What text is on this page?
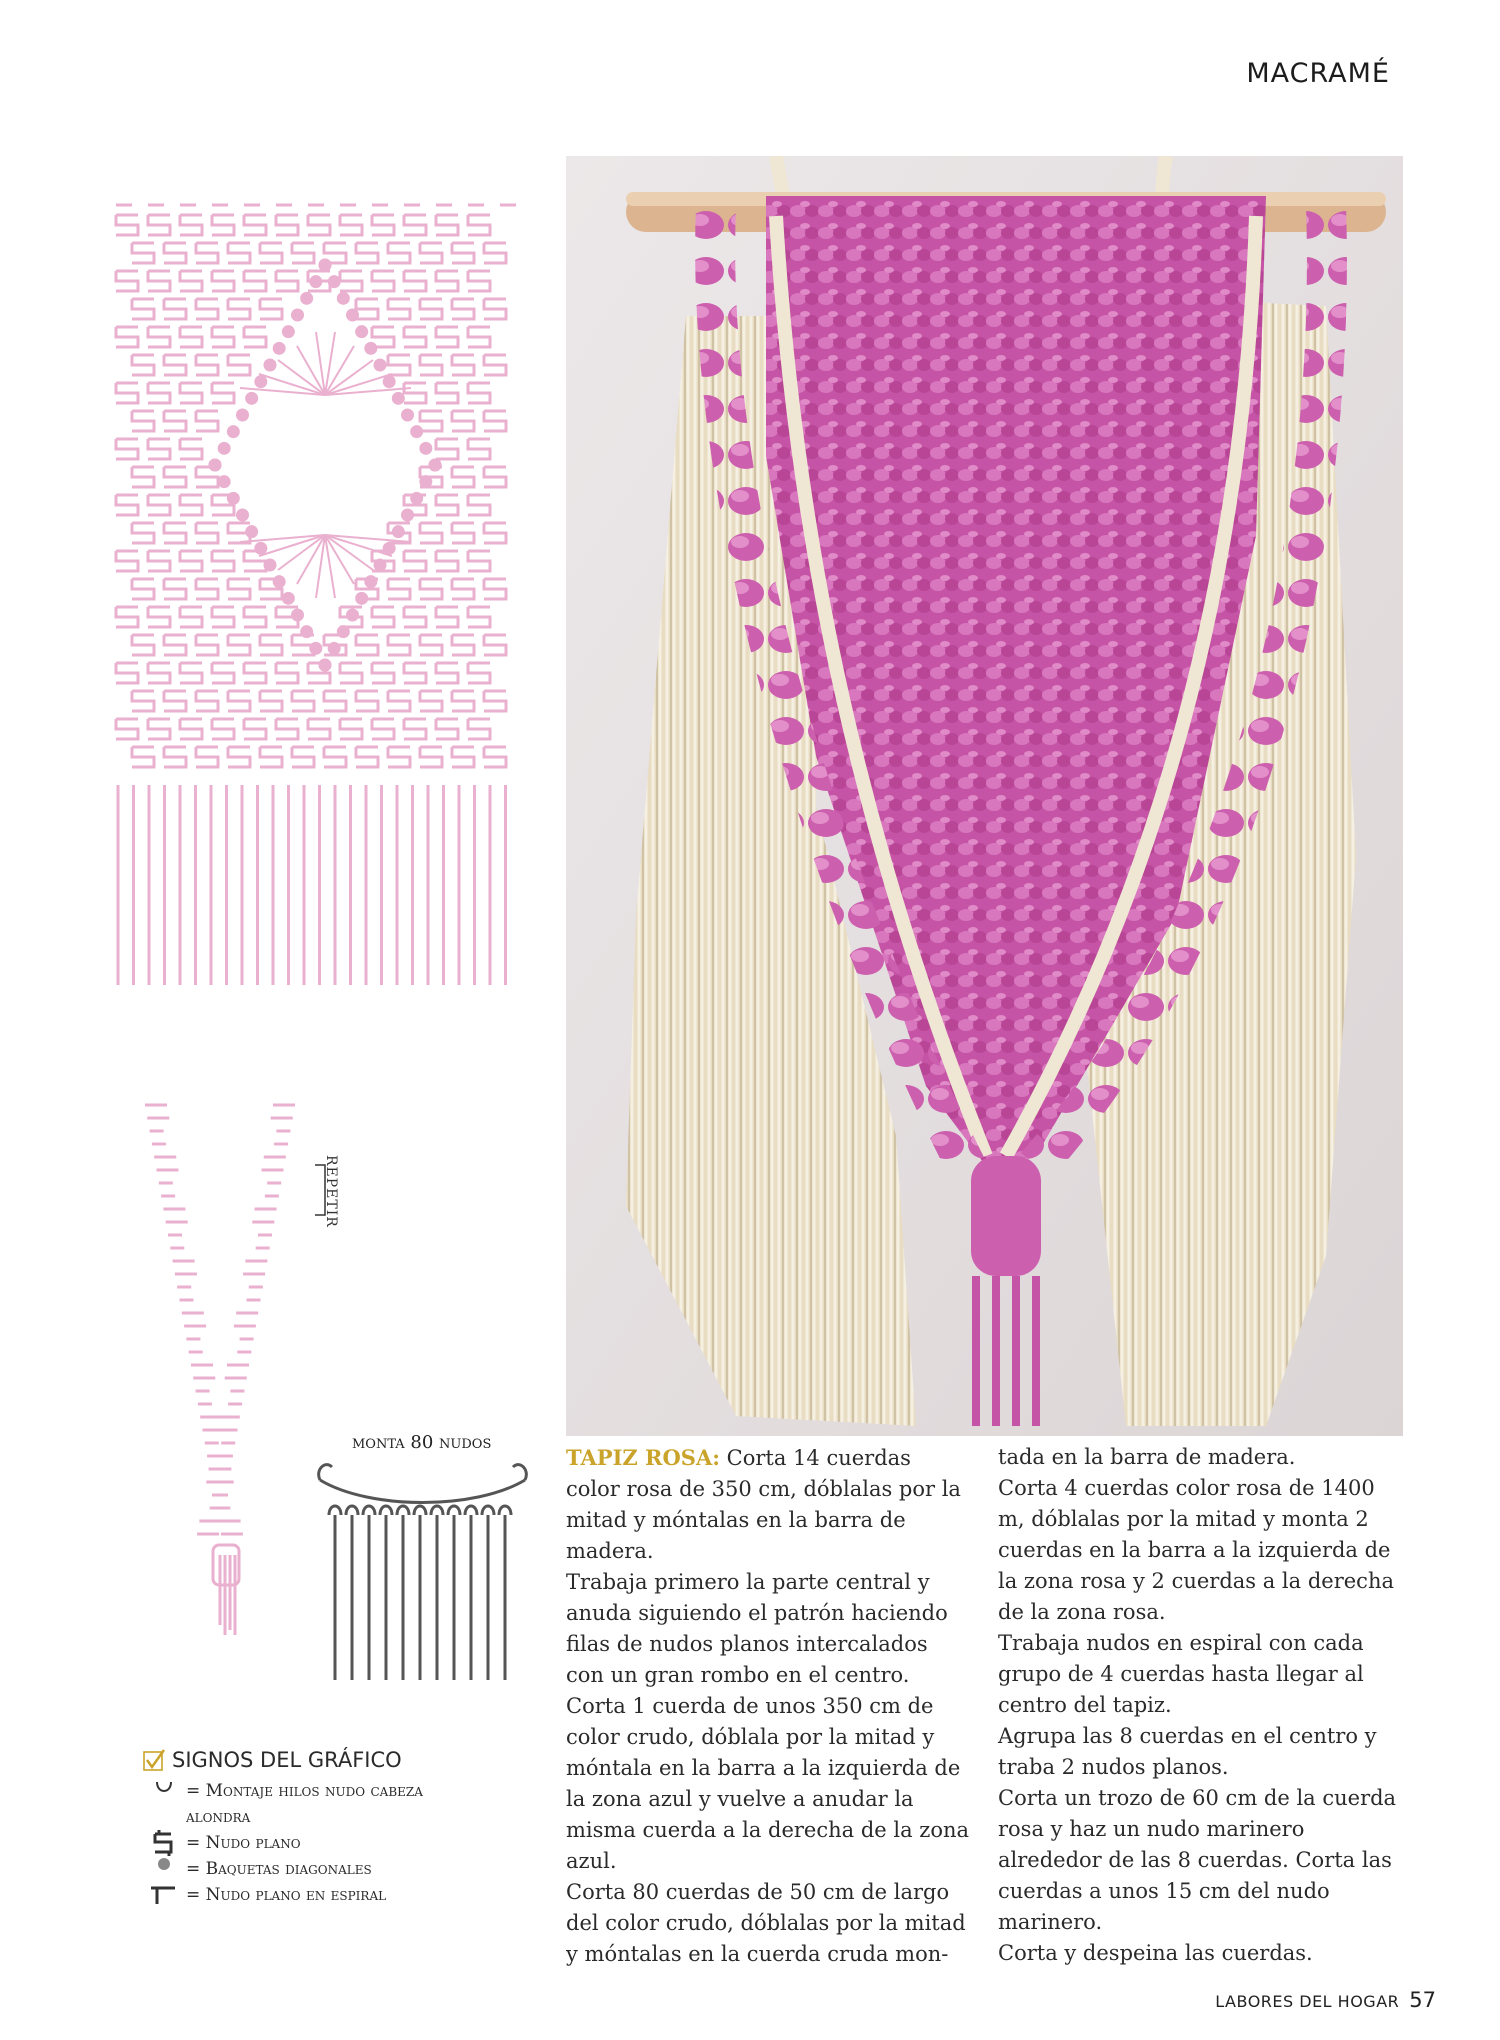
MACRAMÉ
REPETIR
monta 80 nudos
SIGNOS DEL GRÁFICO
= Montaje hilos nudo cabeza alondra
= Nudo plano
= Baquetas diagonales
= Nudo plano en espiral

TAPIZ ROSA: Corta 14 cuerdas color rosa de 350 cm, dóblalas por la mitad y móntalas en la barra de madera.

Trabaja primero la parte central y anuda siguiendo el patrón haciendo filas de nudos planos intercalados con un gran rombo en el centro.

Corta 1 cuerda de unos 350 cm de color crudo, dóblala por la mitad y móntala en la barra a la izquierda de la zona azul y vuelve a anudar la misma cuerda a la derecha de la zona azul.

Corta 80 cuerdas de 50 cm de largo del color crudo, dóblalas por la mitad y móntalas en la cuerda cruda mon-

tada en la barra de madera.

Corta 4 cuerdas color rosa de 1400 m, dóblalas por la mitad y monta 2 cuerdas en la barra a la izquierda de la zona rosa y 2 cuerdas a la derecha de la zona rosa.

Trabaja nudos en espiral con cada grupo de 4 cuerdas hasta llegar al centro del tapiz.

Agrupa las 8 cuerdas en el centro y traba 2 nudos planos.

Corta un trozo de 60 cm de la cuerda rosa y haz un nudo marinero alrededor de las 8 cuerdas. Corta las cuerdas a unos 15 cm del nudo marinero.

Corta y despeina las cuerdas.

LABORES DEL HOGAR 57
